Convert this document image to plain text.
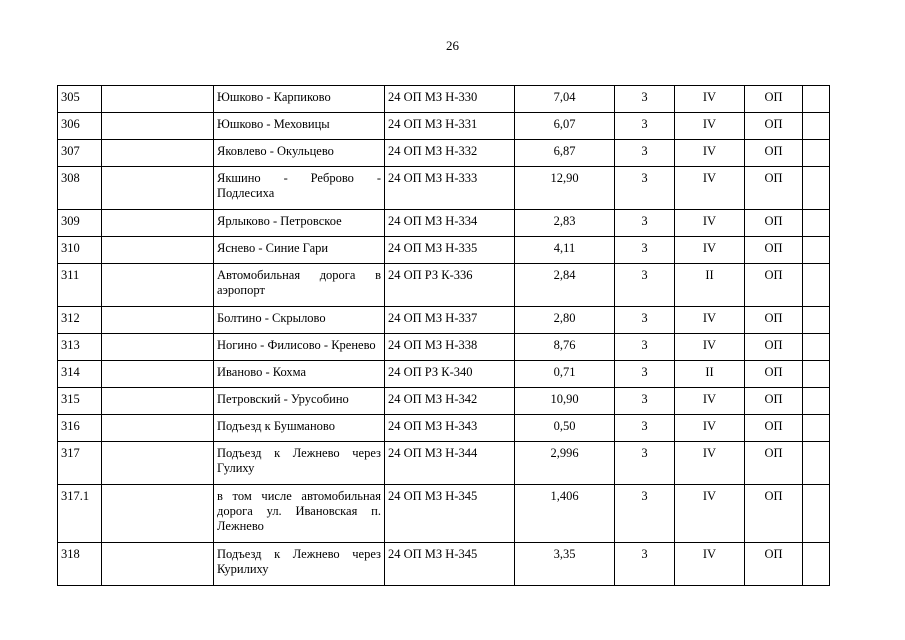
26
305		Юшково - Карпиково	24 ОП МЗ Н-330	7,04	3	IV	ОП	
306		Юшково - Меховицы	24 ОП МЗ Н-331	6,07	3	IV	ОП	
307		Яковлево - Окульцево	24 ОП МЗ Н-332	6,87	3	IV	ОП	
308		Якшино - Реброво - Подлесиха	24 ОП МЗ Н-333	12,90	3	IV	ОП	
309		Ярлыково - Петровское	24 ОП МЗ Н-334	2,83	3	IV	ОП	
310		Яснево - Синие Гари	24 ОП МЗ Н-335	4,11	3	IV	ОП	
311		Автомобильная дорога в аэропорт	24 ОП РЗ К-336	2,84	3	II	ОП	
312		Болтино - Скрылово	24 ОП МЗ Н-337	2,80	3	IV	ОП	
313		Ногино - Филисово - Кренево	24 ОП МЗ Н-338	8,76	3	IV	ОП	
314		Иваново - Кохма	24 ОП РЗ К-340	0,71	3	II	ОП	
315		Петровский - Урусобино	24 ОП МЗ Н-342	10,90	3	IV	ОП	
316		Подъезд к Бушманово	24 ОП МЗ Н-343	0,50	3	IV	ОП	
317		Подъезд к Лежнево через Гулиху	24 ОП МЗ Н-344	2,996	3	IV	ОП	
317.1		в том числе автомобильная дорога ул. Ивановская п. Лежнево	24 ОП МЗ Н-345	1,406	3	IV	ОП	
318		Подъезд к Лежнево через Курилиху	24 ОП МЗ Н-345	3,35	3	IV	ОП	
